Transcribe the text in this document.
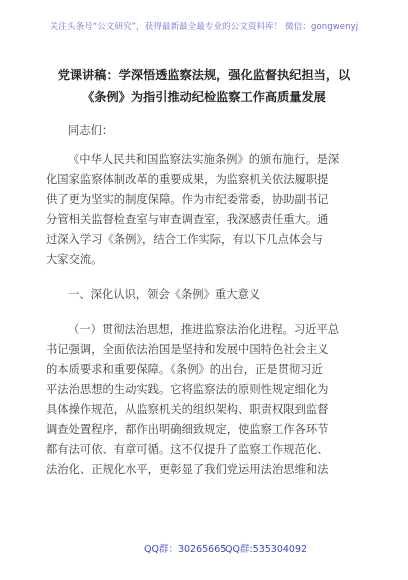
关注头条号“公文研究”，获得最新最全最专业的公文资料库！ 微信：gongwenyj
党课讲稿：学深悟透监察法规，强化监督执纪担当，以
《条例》为指引推动纪检监察工作高质量发展
同志们：
《中华人民共和国监察法实施条例》的颁布施行，是深
化国家监察体制改革的重要成果，为监察机关依法履职提
供了更为坚实的制度保障。作为市纪委常委，协助副书记
分管相关监督检查室与审查调查室，我深感责任重大。通
过深入学习《条例》，结合工作实际，有以下几点体会与
大家交流。
一、深化认识，领会《条例》重大意义
（一）贯彻法治思想，推进监察法治化进程。习近平总
书记强调，全面依法治国是坚持和发展中国特色社会主义
的本质要求和重要保障。《条例》的出台，正是贯彻习近
平法治思想的生动实践。它将监察法的原则性规定细化为
具体操作规范，从监察机关的组织架构、职责权限到监督
调查处置程序，都作出明确细致规定，使监察工作各环节
都有法可依、有章可循。这不仅提升了监察工作规范化、
法治化、正规化水平，更彰显了我们党运用法治思维和法
QQ群：30265665
QQ群:535304092
